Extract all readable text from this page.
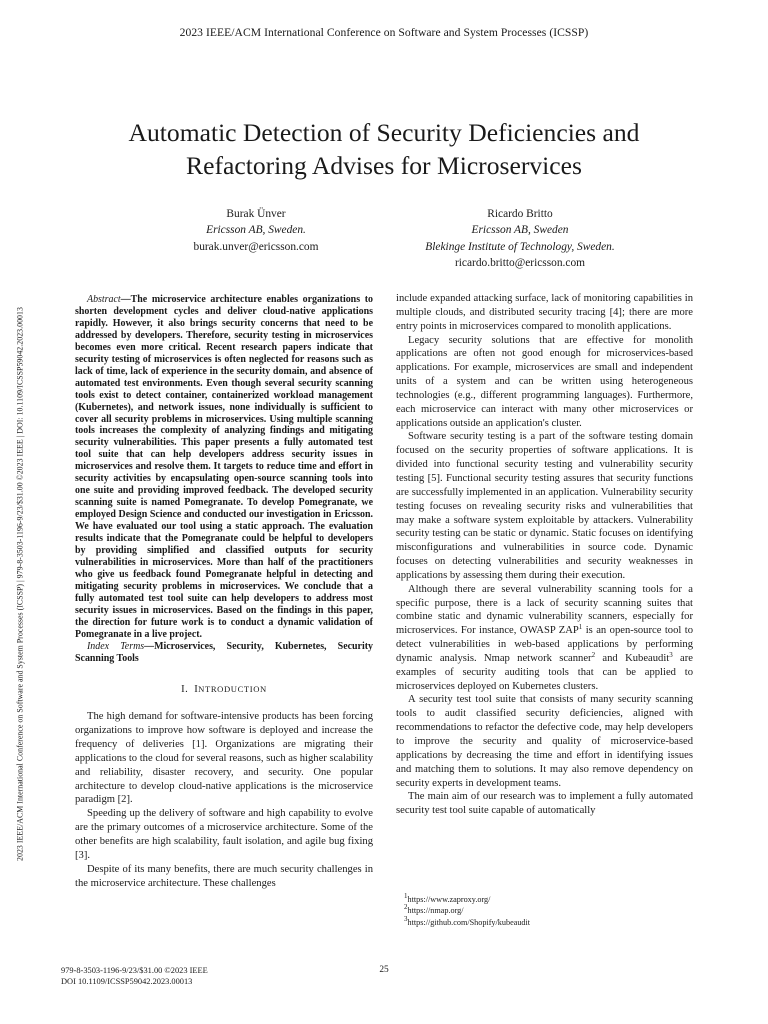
2023 IEEE/ACM International Conference on Software and System Processes (ICSSP)
2023 IEEE/ACM International Conference on Software and System Processes (ICSSP) | 979-8-3503-1196-9/23/$31.00 ©2023 IEEE | DOI: 10.1109/ICSSP59042.2023.00013
Automatic Detection of Security Deficiencies and
Refactoring Advises for Microservices
Burak Ünver
Ericsson AB, Sweden.
burak.unver@ericsson.com
Ricardo Britto
Ericsson AB, Sweden
Blekinge Institute of Technology, Sweden.
ricardo.britto@ericsson.com

Abstract—The microservice architecture enables organizations to shorten development cycles and deliver cloud-native applications rapidly. However, it also brings security concerns that need to be addressed by developers. Therefore, security testing in microservices becomes even more critical. Recent research papers indicate that security testing of microservices is often neglected for reasons such as lack of time, lack of experience in the security domain, and absence of automated test environments. Even though several security scanning tools exist to detect container, containerized workload management (Kubernetes), and network issues, none individually is sufficient to cover all security problems in microservices. Using multiple scanning tools increases the complexity of analyzing findings and mitigating security vulnerabilities. This paper presents a fully automated test tool suite that can help developers address security issues in microservices and resolve them. It targets to reduce time and effort in security activities by encapsulating open-source scanning tools into one suite and providing improved feedback. The developed security scanning suite is named Pomegranate. To develop Pomegranate, we employed Design Science and conducted our investigation in Ericsson. We have evaluated our tool using a static approach. The evaluation results indicate that the Pomegranate could be helpful to developers by providing simplified and classified outputs for security vulnerabilities in microservices. More than half of the practitioners who give us feedback found Pomegranate helpful in detecting and mitigating security problems in microservices. We conclude that a fully automated test tool suite can help developers to address most security issues in microservices. Based on the findings in this paper, the direction for future work is to conduct a dynamic validation of Pomegranate in a live project.

Index Terms—Microservices, Security, Kubernetes, Security Scanning Tools

I. INTRODUCTION

The high demand for software-intensive products has been forcing organizations to improve how software is deployed and increase the frequency of deliveries [1]. Organizations are migrating their applications to the cloud for several reasons, such as higher scalability and reliability, disaster recovery, and security. One popular architecture to develop cloud-native applications is the microservice paradigm [2].

Speeding up the delivery of software and high capability to evolve are the primary outcomes of a microservice architecture. Some of the other benefits are high scalability, fault isolation, and agile bug fixing [3].

Despite of its many benefits, there are much security challenges in the microservice architecture. These challenges

include expanded attacking surface, lack of monitoring capabilities in multiple clouds, and distributed security tracing [4]; there are more entry points in microservices compared to monolith applications.

Legacy security solutions that are effective for monolith applications are often not good enough for microservices-based applications. For example, microservices are small and independent units of a system and can be written using heterogeneous technologies (e.g., different programming languages). Furthermore, each microservice can interact with many other microservices or applications outside an application's cluster.

Software security testing is a part of the software testing domain focused on the security properties of software applications. It is divided into functional security testing and vulnerability security testing [5]. Functional security testing assures that security functions are successfully implemented in an application. Vulnerability security testing focuses on revealing security risks and vulnerabilities that may make a software system exploitable by attackers. Vulnerability security testing can be static or dynamic. Static focuses on identifying misconfigurations and vulnerabilities in source code. Dynamic focuses on detecting vulnerabilities and security weaknesses in applications by assessing them during their execution.

Although there are several vulnerability scanning tools for a specific purpose, there is a lack of security scanning suites that combine static and dynamic vulnerability scanners, especially for microservices. For instance, OWASP ZAP$^1$ is an open-source tool to detect vulnerabilities in web-based applications by performing dynamic analysis. Nmap network scanner$^2$ and Kubeaudit$^3$ are examples of security auditing tools that can be applied to microservices deployed on Kubernetes clusters.

A security test tool suite that consists of many security scanning tools to audit classified security deficiencies, aligned with recommendations to refactor the defective code, may help developers to improve the security and quality of microservice-based applications by decreasing the time and effort in identifying issues and matching them to solutions. It may also remove dependency on security experts in development teams.

The main aim of our research was to implement a fully automated security test tool suite capable of automatically

$^1$https://www.zaproxy.org/
$^2$https://nmap.org/
$^3$https://github.com/Shopify/kubeaudit
979-8-3503-1196-9/23/$31.00 ©2023 IEEE
DOI 10.1109/ICSSP59042.2023.00013
25
